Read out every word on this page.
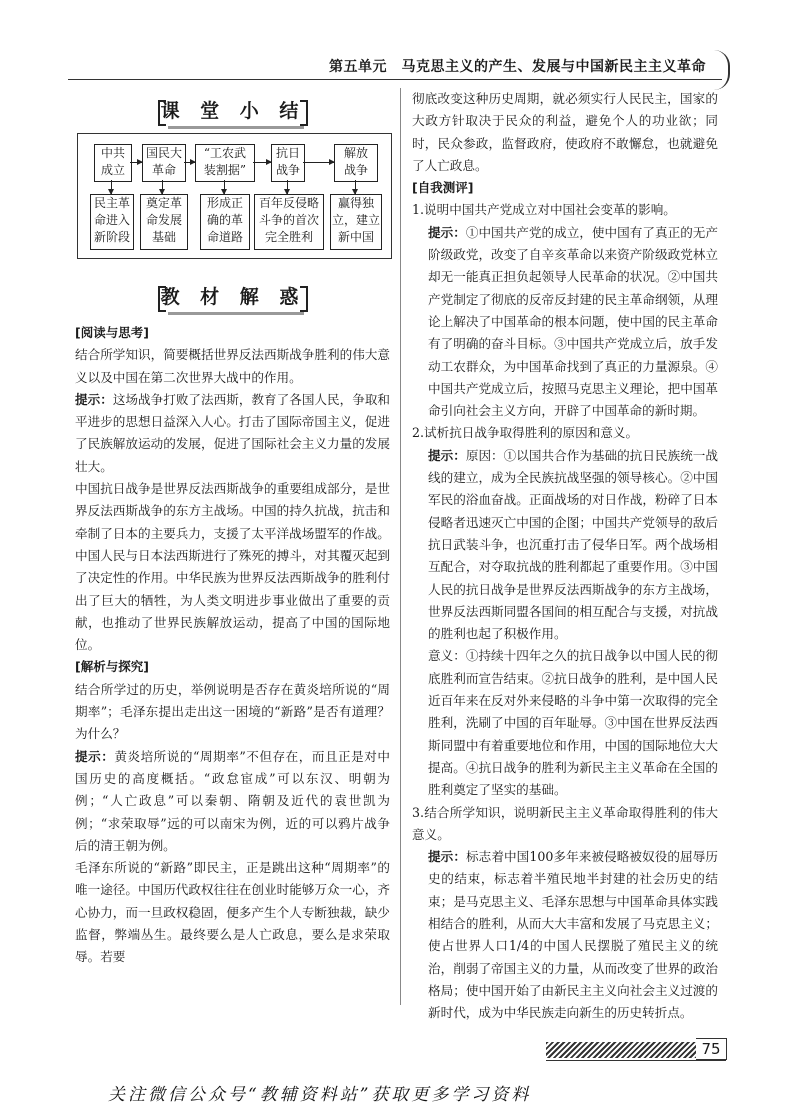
第五单元　马克思主义的产生、发展与中国新民主主义革命
课 堂 小 结
中共
成立
国民大
革命
“工农武
装割据”
抗日
战争
解放
战争
民主革
命进入
新阶段
奠定革
命发展
基础
形成正
确的革
命道路
百年反侵略
斗争的首次
完全胜利
赢得独
立，建立
新中国
教 材 解 惑

[阅读与思考]

结合所学知识，简要概括世界反法西斯战争胜利的伟大意义以及中国在第二次世界大战中的作用。

提示：这场战争打败了法西斯，教育了各国人民，争取和平进步的思想日益深入人心。打击了国际帝国主义，促进了民族解放运动的发展，促进了国际社会主义力量的发展壮大。

中国抗日战争是世界反法西斯战争的重要组成部分，是世界反法西斯战争的东方主战场。中国的持久抗战，抗击和牵制了日本的主要兵力，支援了太平洋战场盟军的作战。

中国人民与日本法西斯进行了殊死的搏斗，对其覆灭起到了决定性的作用。中华民族为世界反法西斯战争的胜利付出了巨大的牺牲，为人类文明进步事业做出了重要的贡献，也推动了世界民族解放运动，提高了中国的国际地位。

[解析与探究]

结合所学过的历史，举例说明是否存在黄炎培所说的“周期率”；毛泽东提出走出这一困境的“新路”是否有道理？为什么？

提示：黄炎培所说的“周期率”不但存在，而且正是对中国历史的高度概括。“政怠宦成”可以东汉、明朝为例；“人亡政息”可以秦朝、隋朝及近代的袁世凯为例；“求荣取辱”远的可以南宋为例，近的可以鸦片战争后的清王朝为例。

毛泽东所说的“新路”即民主，正是跳出这种“周期率”的唯一途径。中国历代政权往往在创业时能够万众一心，齐心协力，而一旦政权稳固，便多产生个人专断独裁，缺少监督，弊端丛生。最终要么是人亡政息，要么是求荣取辱。若要

彻底改变这种历史周期，就必须实行人民民主，国家的大政方针取决于民众的利益，避免个人的功业欲；同时，民众参政，监督政府，使政府不敢懈怠，也就避免了人亡政息。

[自我测评]

1.说明中国共产党成立对中国社会变革的影响。

提示：①中国共产党的成立，使中国有了真正的无产阶级政党，改变了自辛亥革命以来资产阶级政党林立却无一能真正担负起领导人民革命的状况。②中国共产党制定了彻底的反帝反封建的民主革命纲领，从理论上解决了中国革命的根本问题，使中国的民主革命有了明确的奋斗目标。③中国共产党成立后，放手发动工农群众，为中国革命找到了真正的力量源泉。④中国共产党成立后，按照马克思主义理论，把中国革命引向社会主义方向，开辟了中国革命的新时期。

2.试析抗日战争取得胜利的原因和意义。

提示：原因：①以国共合作为基础的抗日民族统一战线的建立，成为全民族抗战坚强的领导核心。②中国军民的浴血奋战。正面战场的对日作战，粉碎了日本侵略者迅速灭亡中国的企图；中国共产党领导的敌后抗日武装斗争，也沉重打击了侵华日军。两个战场相互配合，对夺取抗战的胜利都起了重要作用。③中国人民的抗日战争是世界反法西斯战争的东方主战场，世界反法西斯同盟各国间的相互配合与支援，对抗战的胜利也起了积极作用。

意义：①持续十四年之久的抗日战争以中国人民的彻底胜利而宣告结束。②抗日战争的胜利，是中国人民近百年来在反对外来侵略的斗争中第一次取得的完全胜利，洗刷了中国的百年耻辱。③中国在世界反法西斯同盟中有着重要地位和作用，中国的国际地位大大提高。④抗日战争的胜利为新民主主义革命在全国的胜利奠定了坚实的基础。

3.结合所学知识，说明新民主主义革命取得胜利的伟大意义。

提示：标志着中国100多年来被侵略被奴役的屈辱历史的结束，标志着半殖民地半封建的社会历史的结束；是马克思主义、毛泽东思想与中国革命具体实践相结合的胜利，从而大大丰富和发展了马克思主义；使占世界人口1/4的中国人民摆脱了殖民主义的统治，削弱了帝国主义的力量，从而改变了世界的政治格局；使中国开始了由新民主主义向社会主义过渡的新时代，成为中华民族走向新生的历史转折点。

75
关注微信公众号“教辅资料站”获取更多学习资料
